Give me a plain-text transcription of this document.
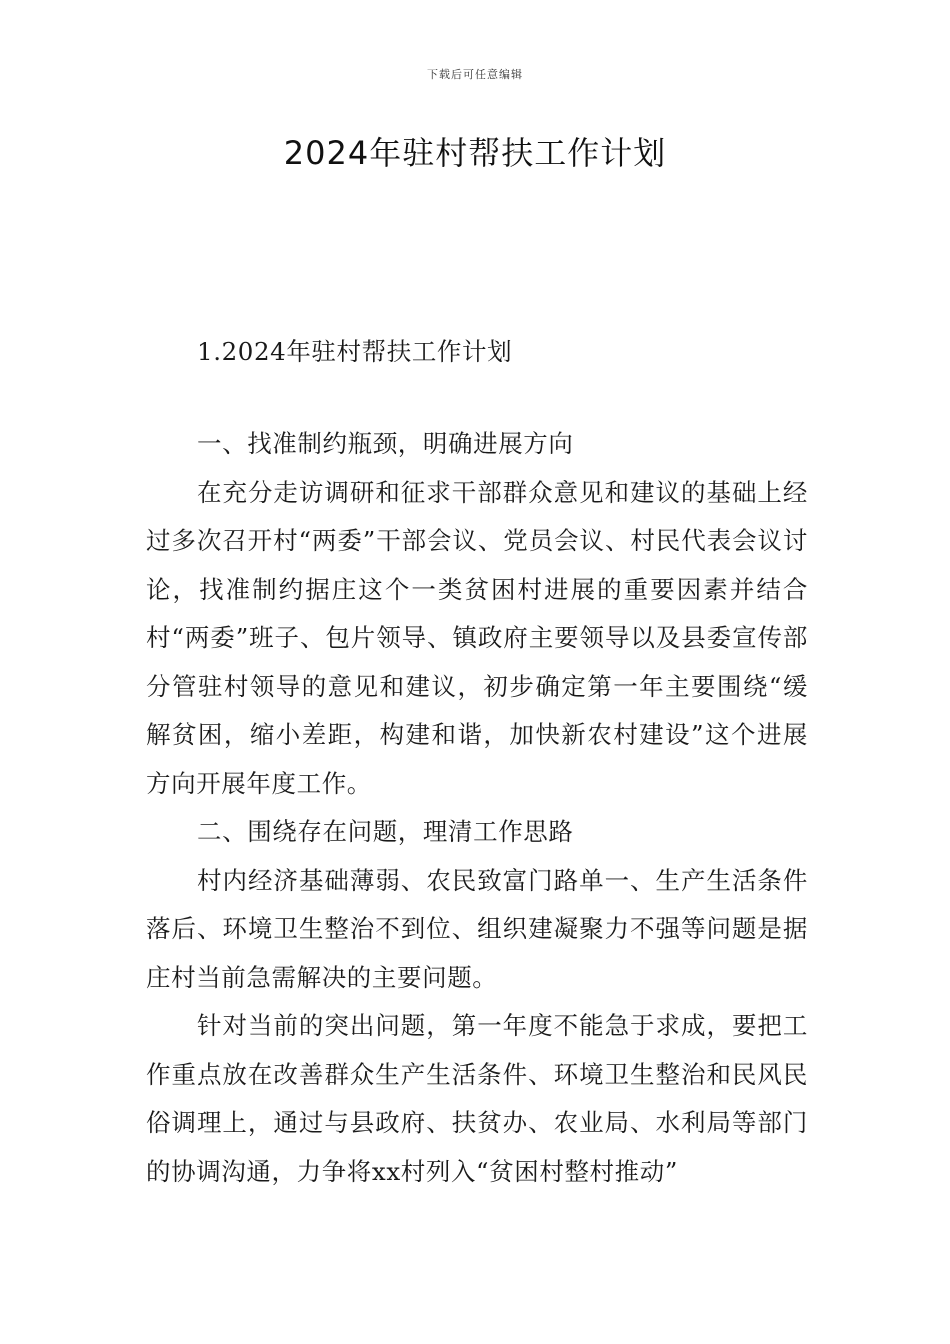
下载后可任意编辑
2024年驻村帮扶工作计划
1.2024年驻村帮扶工作计划

一、找准制约瓶颈，明确进展方向

在充分走访调研和征求干部群众意见和建议的基础上经过多次召开村“两委”干部会议、党员会议、村民代表会议讨论，找准制约据庄这个一类贫困村进展的重要因素并结合村“两委”班子、包片领导、镇政府主要领导以及县委宣传部分管驻村领导的意见和建议，初步确定第一年主要围绕“缓解贫困，缩小差距，构建和谐，加快新农村建设”这个进展方向开展年度工作。

二、围绕存在问题，理清工作思路

村内经济基础薄弱、农民致富门路单一、生产生活条件落后、环境卫生整治不到位、组织建凝聚力不强等问题是据庄村当前急需解决的主要问题。

针对当前的突出问题，第一年度不能急于求成，要把工作重点放在改善群众生产生活条件、环境卫生整治和民风民俗调理上，通过与县政府、扶贫办、农业局、水利局等部门的协调沟通，力争将xx村列入“贫困村整村推动”
